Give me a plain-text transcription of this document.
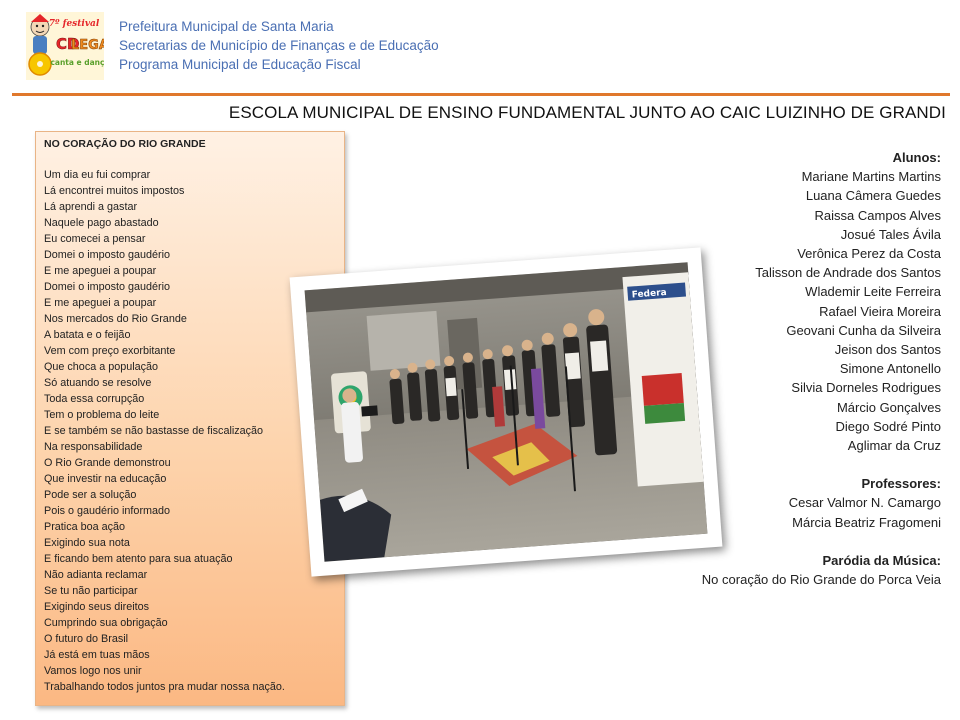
7º festival
CD
LEGA
canta e dança
Prefeitura Municipal de Santa Maria
Secretarias de Município de Finanças e de Educação
Programa Municipal de Educação Fiscal
ESCOLA MUNICIPAL DE ENSINO FUNDAMENTAL JUNTO AO CAIC LUIZINHO DE GRANDI
NO CORAÇÃO DO RIO GRANDE
Um dia eu fui comprar
Lá encontrei muitos impostos
Lá aprendi a gastar
Naquele pago abastado
Eu comecei a pensar
Domei o imposto gaudério
E me apeguei a poupar
Domei o imposto gaudério
E me apeguei a poupar
Nos mercados do Rio Grande
A batata e o feijão
Vem com preço exorbitante
Que choca a população
Só atuando se resolve
Toda essa corrupção
Tem o problema do leite
E se também se não bastasse de fiscalização
Na responsabilidade
O Rio Grande demonstrou
Que investir na educação
Pode ser a solução
Pois o gaudério informado
Pratica boa ação
Exigindo sua nota
E ficando bem atento para sua atuação
Não adianta reclamar
Se tu não participar
Exigindo seus direitos
Cumprindo sua obrigação
O futuro do Brasil
Já está em tuas mãos
Vamos logo nos unir
Trabalhando todos juntos pra mudar nossa nação.
Federa
Alunos:
Mariane Martins Martins
Luana Câmera Guedes
Raissa Campos Alves
Josué Tales Ávila
Verônica Perez da Costa
Talisson de Andrade dos Santos
Wlademir Leite Ferreira
Rafael Vieira Moreira
Geovani Cunha da Silveira
Jeison dos Santos
Simone Antonello
Silvia Dorneles Rodrigues
Márcio Gonçalves
Diego Sodré Pinto
Aglimar da Cruz
Professores:
Cesar Valmor N. Camargo
Márcia Beatriz Fragomeni
Paródia da Música:
No coração do Rio Grande do Porca Veia
